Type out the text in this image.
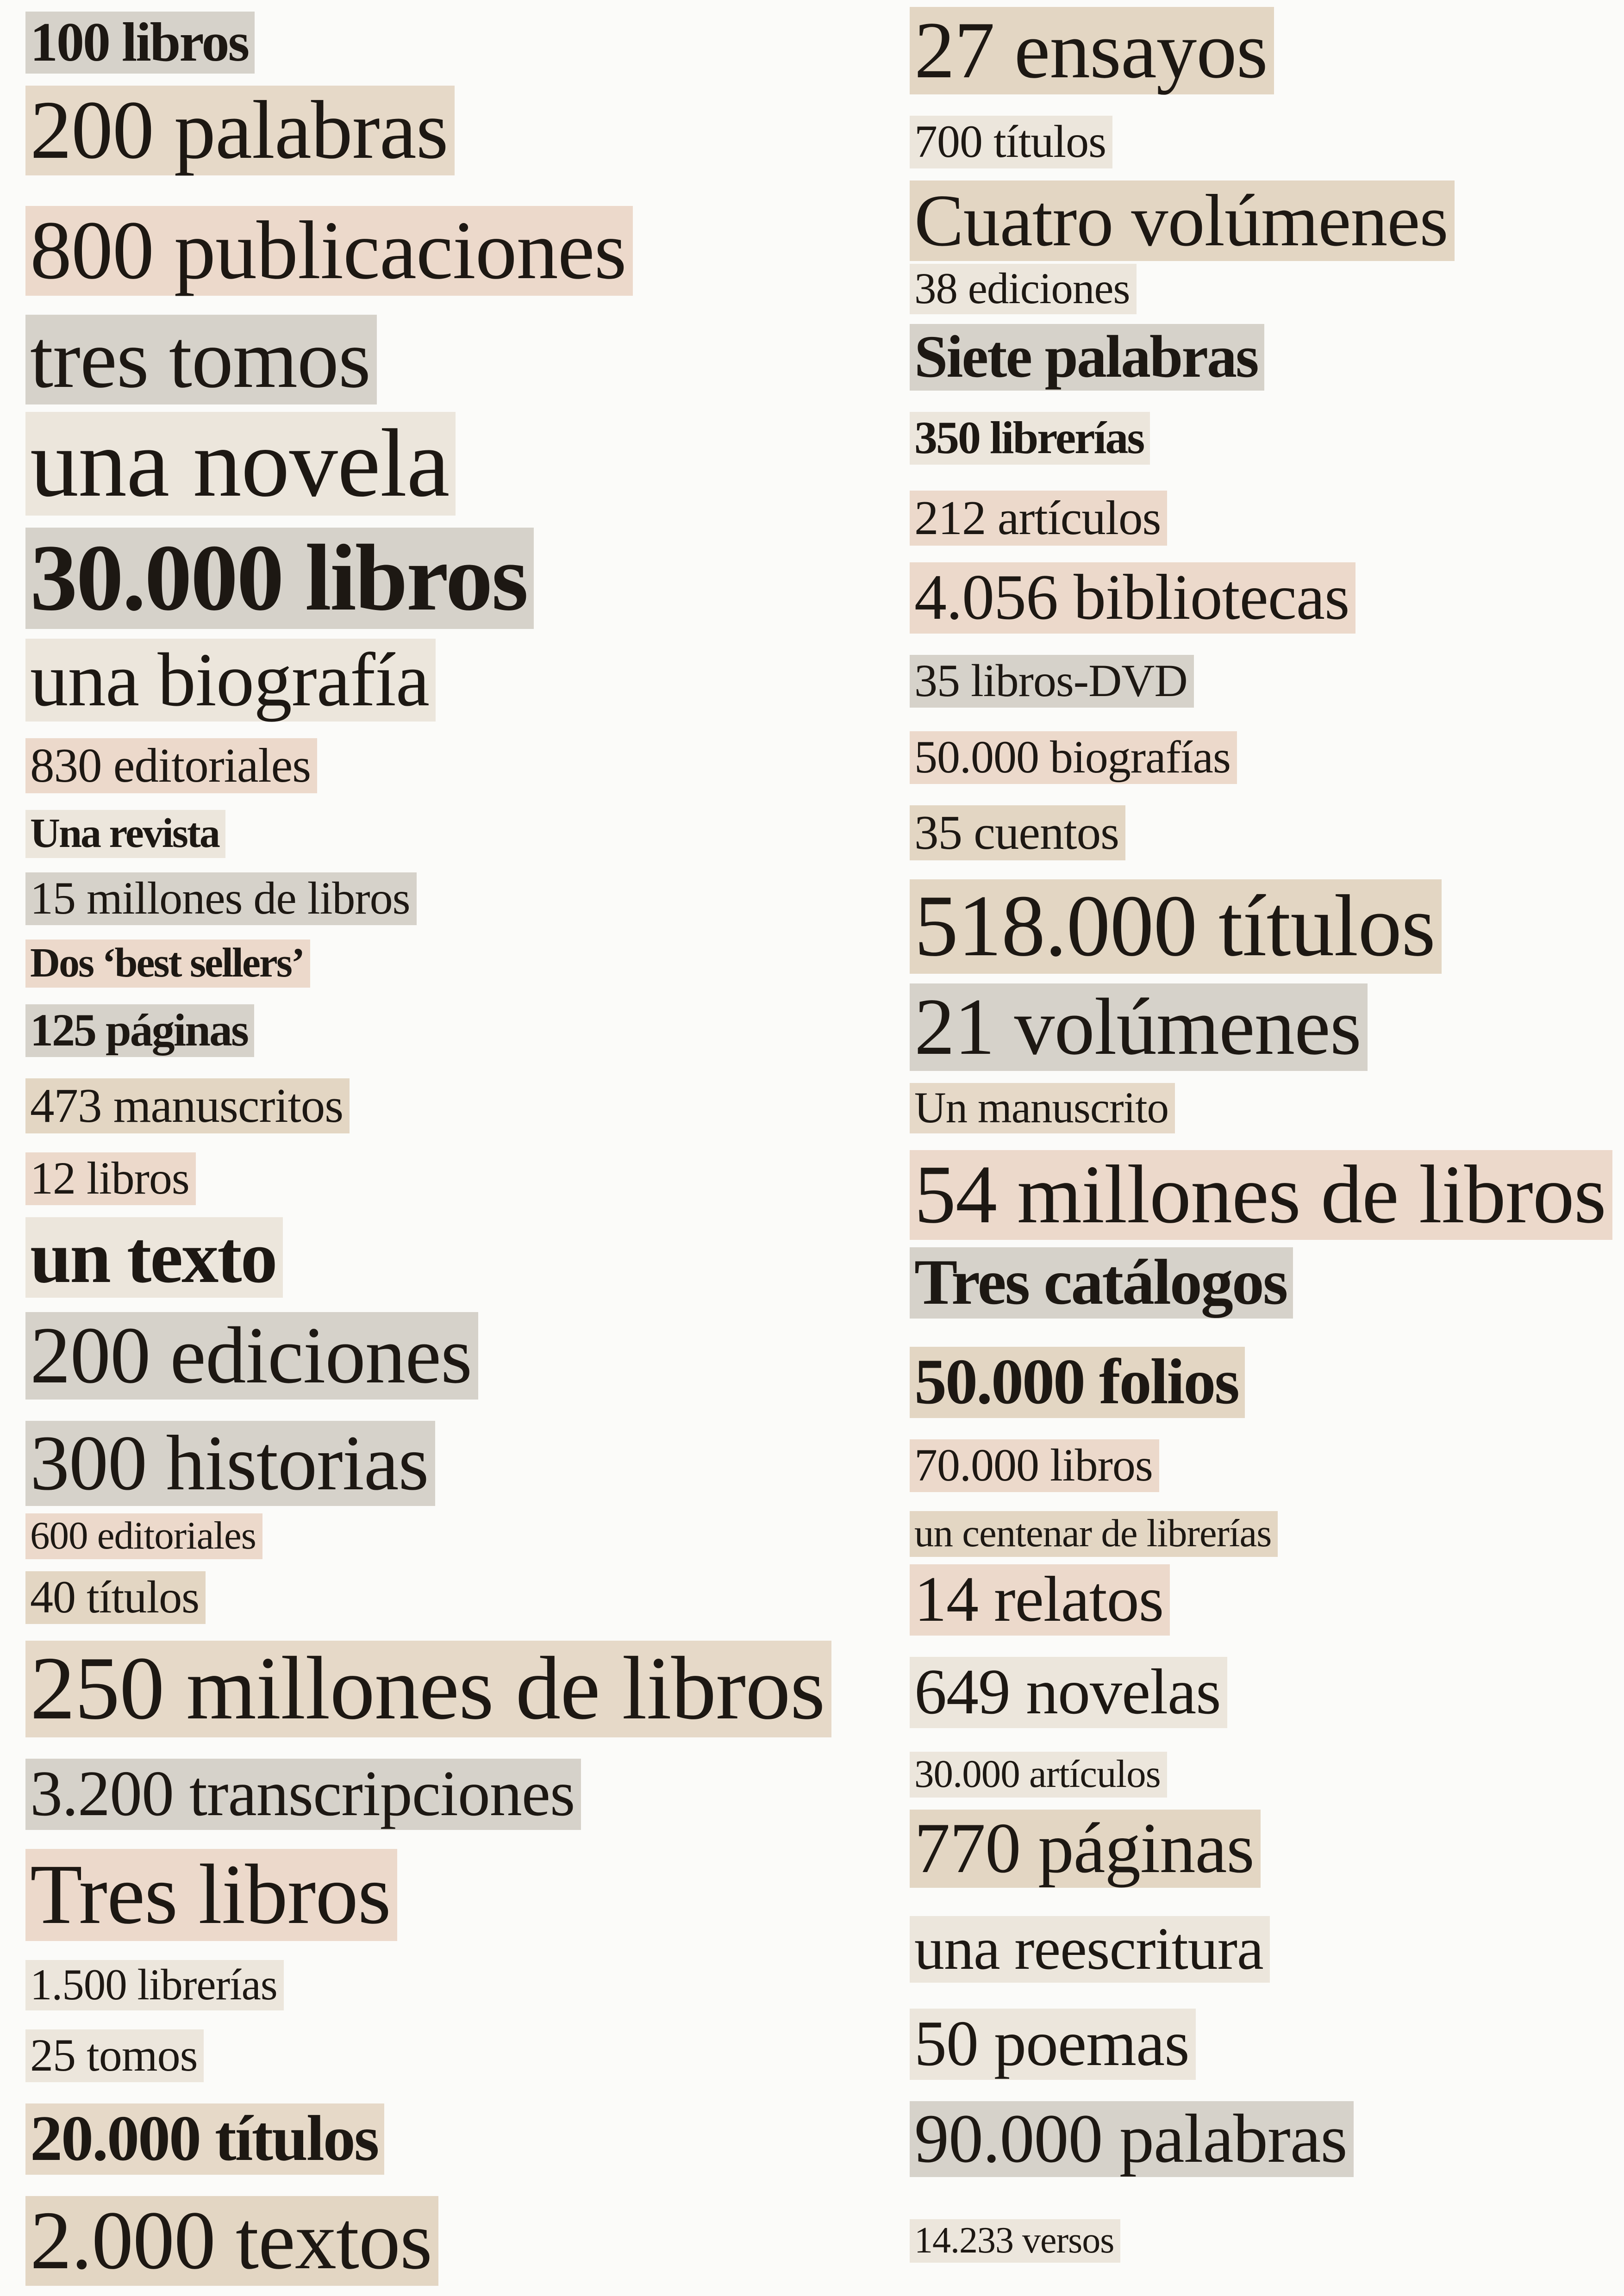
100 libros
200 palabras
800 publicaciones
tres tomos
una novela
30.000 libros
una biografía
830 editoriales
Una revista
15 millones de libros
Dos ‘best sellers’
125 páginas
473 manuscritos
12 libros
un texto
200 ediciones
300 historias
600 editoriales
40 títulos
250 millones de libros
3.200 transcripciones
Tres libros
1.500 librerías
25 tomos
20.000 títulos
2.000 textos
27 ensayos
700 títulos
Cuatro volúmenes
38 ediciones
Siete palabras
350 librerías
212 artículos
4.056 bibliotecas
35 libros-DVD
50.000 biografías
35 cuentos
518.000 títulos
21 volúmenes
Un manuscrito
54 millones de libros
Tres catálogos
50.000 folios
70.000 libros
un centenar de librerías
14 relatos
649 novelas
30.000 artículos
770 páginas
una reescritura
50 poemas
90.000 palabras
14.233 versos
